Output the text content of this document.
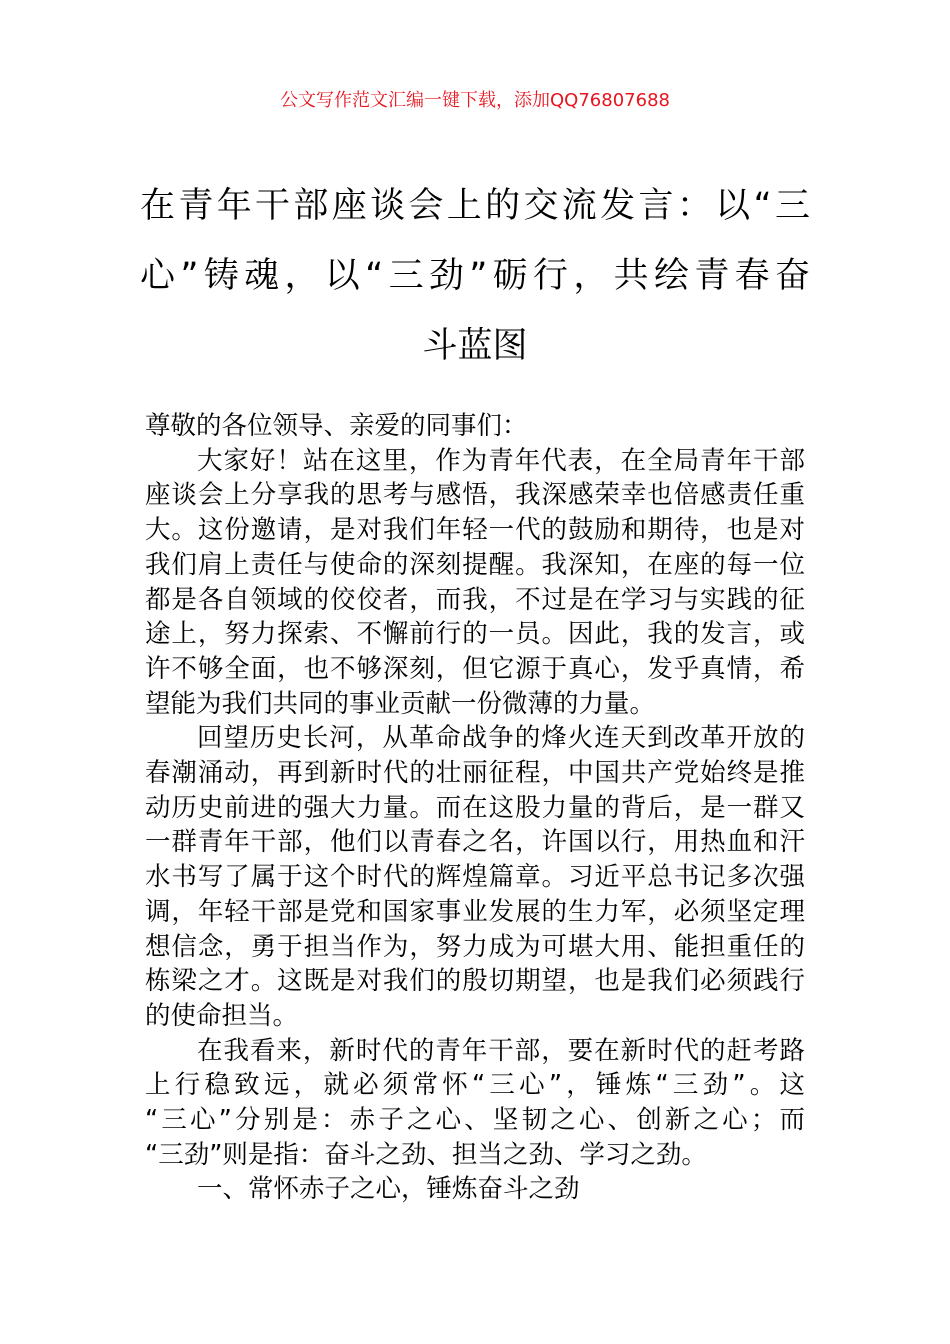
公文写作范文汇编一键下载，添加QQ76807688
在青年干部座谈会上的交流发言：以“三
心”铸魂，以“三劲”砺行，共绘青春奋
斗蓝图
尊敬的各位领导、亲爱的同事们：
大家好！站在这里，作为青年代表，在全局青年干部
座谈会上分享我的思考与感悟，我深感荣幸也倍感责任重
大。这份邀请，是对我们年轻一代的鼓励和期待，也是对
我们肩上责任与使命的深刻提醒。我深知，在座的每一位
都是各自领域的佼佼者，而我，不过是在学习与实践的征
途上，努力探索、不懈前行的一员。因此，我的发言，或
许不够全面，也不够深刻，但它源于真心，发乎真情，希
望能为我们共同的事业贡献一份微薄的力量。
回望历史长河，从革命战争的烽火连天到改革开放的
春潮涌动，再到新时代的壮丽征程，中国共产党始终是推
动历史前进的强大力量。而在这股力量的背后，是一群又
一群青年干部，他们以青春之名，许国以行，用热血和汗
水书写了属于这个时代的辉煌篇章。习近平总书记多次强
调，年轻干部是党和国家事业发展的生力军，必须坚定理
想信念，勇于担当作为，努力成为可堪大用、能担重任的
栋梁之才。这既是对我们的殷切期望，也是我们必须践行
的使命担当。
在我看来，新时代的青年干部，要在新时代的赶考路
上行稳致远，就必须常怀“三心”，锤炼“三劲”。这
“三心”分别是：赤子之心、坚韧之心、创新之心；而
“三劲”则是指：奋斗之劲、担当之劲、学习之劲。
一、常怀赤子之心，锤炼奋斗之劲
